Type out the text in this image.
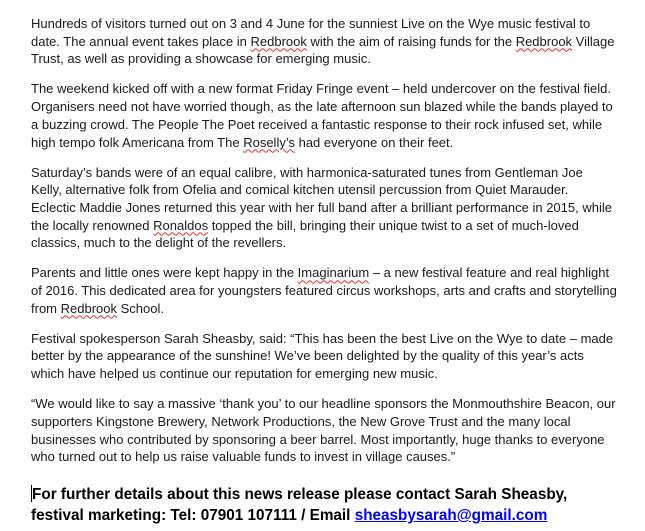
Hundreds of visitors turned out on 3 and 4 June for the sunniest Live on the Wye music festival to
date. The annual event takes place in Redbrook with the aim of raising funds for the Redbrook Village
Trust, as well as providing a showcase for emerging music.

The weekend kicked off with a new format Friday Fringe event – held undercover on the festival field.
Organisers need not have worried though, as the late afternoon sun blazed while the bands played to
a buzzing crowd. The People The Poet received a fantastic response to their rock infused set, while
high tempo folk Americana from The Roselly’s had everyone on their feet.

Saturday’s bands were of an equal calibre, with harmonica-saturated tunes from Gentleman Joe
Kelly, alternative folk from Ofelia and comical kitchen utensil percussion from Quiet Marauder.
Eclectic Maddie Jones returned this year with her full band after a brilliant performance in 2015, while
the locally renowned Ronaldos topped the bill, bringing their unique twist to a set of much-loved
classics, much to the delight of the revellers.

Parents and little ones were kept happy in the Imaginarium – a new festival feature and real highlight
of 2016. This dedicated area for youngsters featured circus workshops, arts and crafts and storytelling
from Redbrook School.

Festival spokesperson Sarah Sheasby, said: “This has been the best Live on the Wye to date – made
better by the appearance of the sunshine! We’ve been delighted by the quality of this year’s acts
which have helped us continue our reputation for emerging new music.

“We would like to say a massive ‘thank you’ to our headline sponsors the Monmouthshire Beacon, our
supporters Kingstone Brewery, Network Productions, the New Grove Trust and the many local
businesses who contributed by sponsoring a beer barrel. Most importantly, huge thanks to everyone
who turned out to help us raise valuable funds to invest in village causes.”

For further details about this news release please contact Sarah Sheasby,
festival marketing: Tel: 07901 107111 / Email sheasbysarah@gmail.com
